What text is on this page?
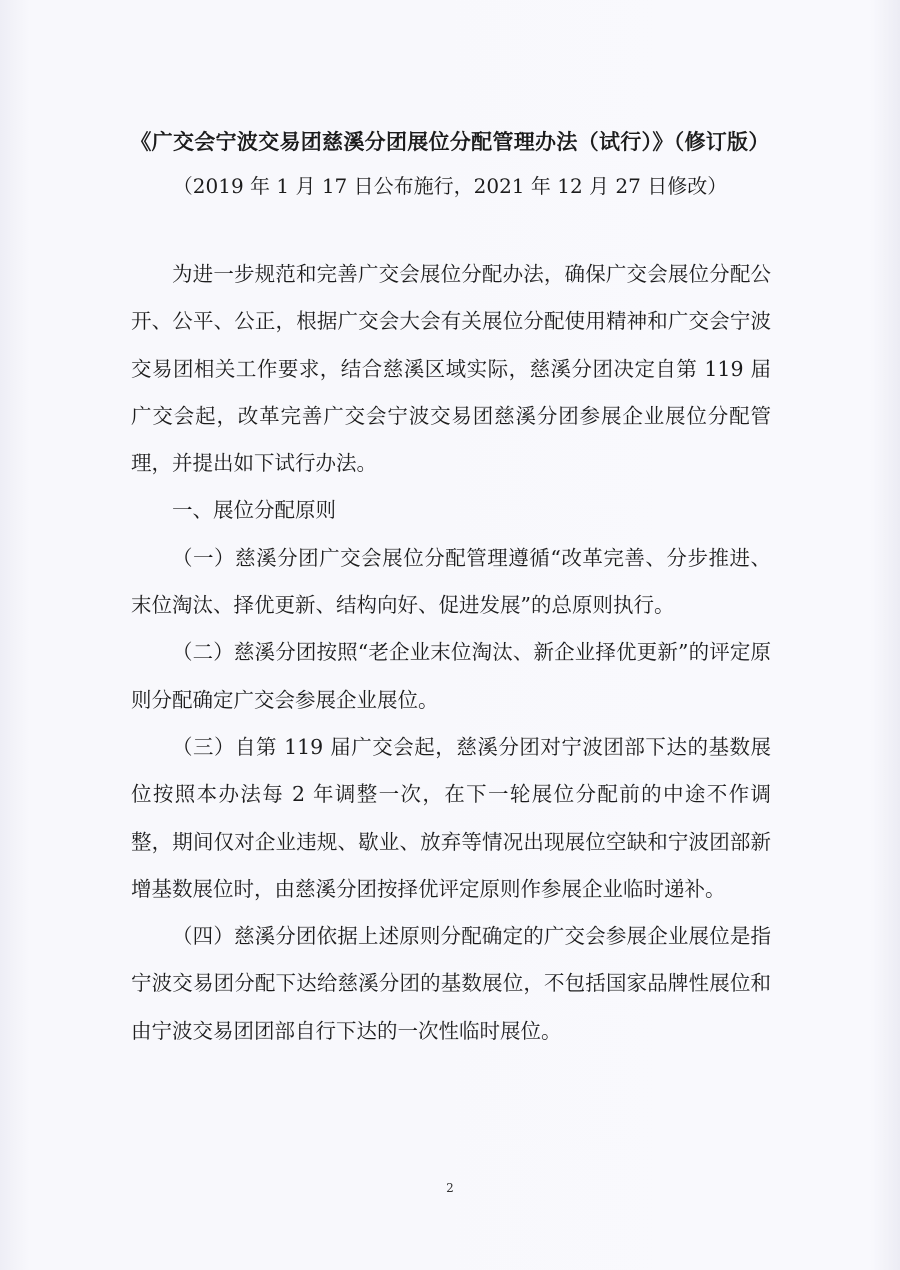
《广交会宁波交易团慈溪分团展位分配管理办法（试行）》（修订版）
（2019 年 1 月 17 日公布施行，2021 年 12 月 27 日修改）

为进一步规范和完善广交会展位分配办法，确保广交会展位分配公开、公平、公正，根据广交会大会有关展位分配使用精神和广交会宁波交易团相关工作要求，结合慈溪区域实际，慈溪分团决定自第 119 届广交会起，改革完善广交会宁波交易团慈溪分团参展企业展位分配管理，并提出如下试行办法。

一、展位分配原则

（一）慈溪分团广交会展位分配管理遵循“改革完善、分步推进、末位淘汰、择优更新、结构向好、促进发展”的总原则执行。

（二）慈溪分团按照“老企业末位淘汰、新企业择优更新”的评定原则分配确定广交会参展企业展位。

（三）自第 119 届广交会起，慈溪分团对宁波团部下达的基数展位按照本办法每 2 年调整一次，在下一轮展位分配前的中途不作调整，期间仅对企业违规、歇业、放弃等情况出现展位空缺和宁波团部新增基数展位时，由慈溪分团按择优评定原则作参展企业临时递补。

（四）慈溪分团依据上述原则分配确定的广交会参展企业展位是指宁波交易团分配下达给慈溪分团的基数展位，不包括国家品牌性展位和由宁波交易团团部自行下达的一次性临时展位。

2
